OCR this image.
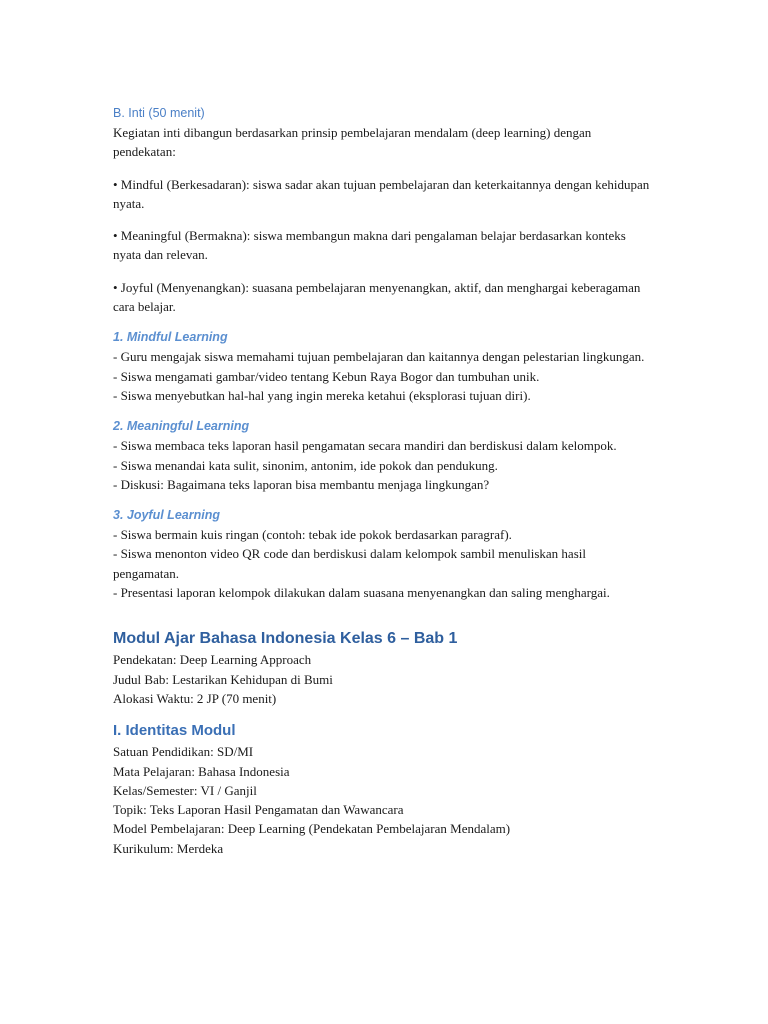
B. Inti (50 menit)

Kegiatan inti dibangun berdasarkan prinsip pembelajaran mendalam (deep learning) dengan pendekatan:

• Mindful (Berkesadaran): siswa sadar akan tujuan pembelajaran dan keterkaitannya dengan kehidupan nyata.

• Meaningful (Bermakna): siswa membangun makna dari pengalaman belajar berdasarkan konteks nyata dan relevan.

• Joyful (Menyenangkan): suasana pembelajaran menyenangkan, aktif, dan menghargai keberagaman cara belajar.

1. Mindful Learning

- Guru mengajak siswa memahami tujuan pembelajaran dan kaitannya dengan pelestarian lingkungan.

- Siswa mengamati gambar/video tentang Kebun Raya Bogor dan tumbuhan unik.

- Siswa menyebutkan hal-hal yang ingin mereka ketahui (eksplorasi tujuan diri).

2. Meaningful Learning

- Siswa membaca teks laporan hasil pengamatan secara mandiri dan berdiskusi dalam kelompok.

- Siswa menandai kata sulit, sinonim, antonim, ide pokok dan pendukung.

- Diskusi: Bagaimana teks laporan bisa membantu menjaga lingkungan?

3. Joyful Learning

- Siswa bermain kuis ringan (contoh: tebak ide pokok berdasarkan paragraf).

- Siswa menonton video QR code dan berdiskusi dalam kelompok sambil menuliskan hasil pengamatan.

- Presentasi laporan kelompok dilakukan dalam suasana menyenangkan dan saling menghargai.

Modul Ajar Bahasa Indonesia Kelas 6 – Bab 1

Pendekatan: Deep Learning Approach

Judul Bab: Lestarikan Kehidupan di Bumi

Alokasi Waktu: 2 JP (70 menit)

I. Identitas Modul

Satuan Pendidikan: SD/MI

Mata Pelajaran: Bahasa Indonesia

Kelas/Semester: VI / Ganjil

Topik: Teks Laporan Hasil Pengamatan dan Wawancara

Model Pembelajaran: Deep Learning (Pendekatan Pembelajaran Mendalam)

Kurikulum: Merdeka
